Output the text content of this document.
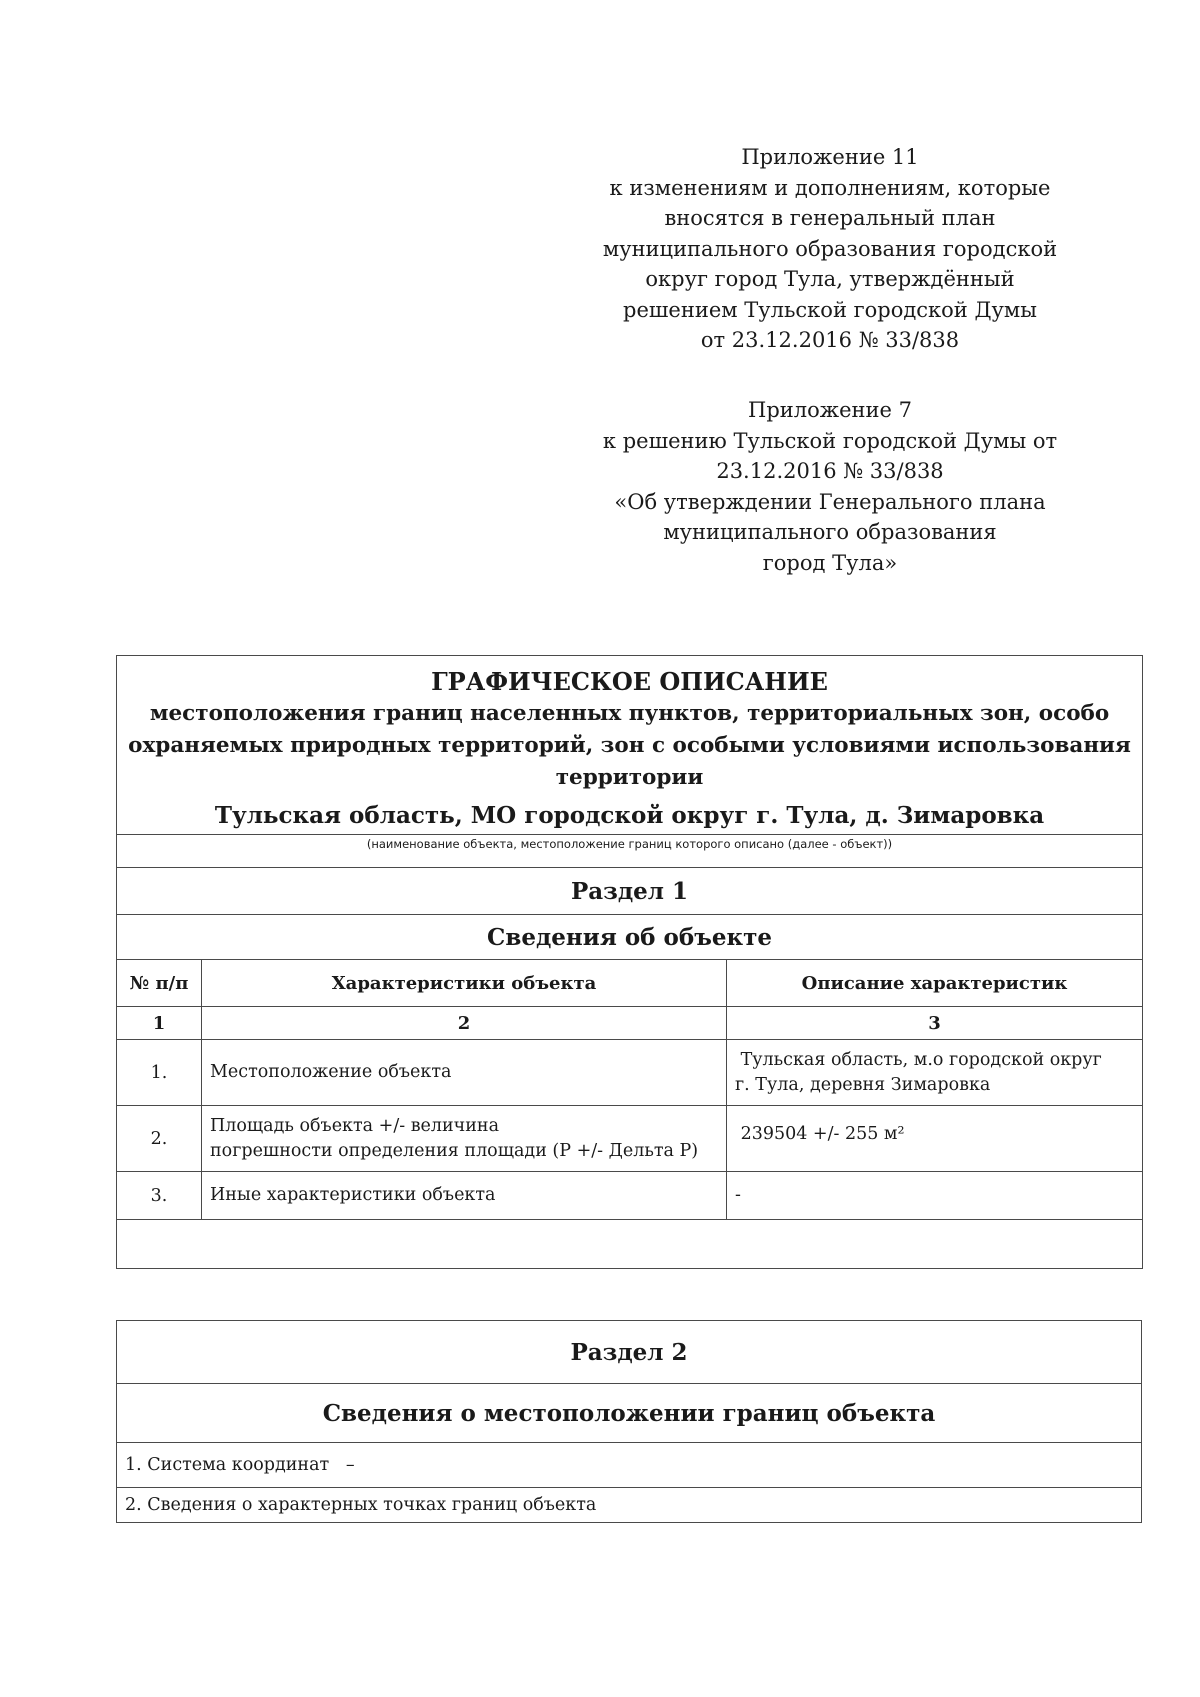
Приложение 11
к изменениям и дополнениям, которые
вносятся в генеральный план
муниципального образования городской
округ город Тула, утверждённый
решением Тульской городской Думы
от 23.12.2016 № 33/838
Приложение 7
к решению Тульской городской Думы от
23.12.2016 № 33/838
«Об утверждении Генерального плана
муниципального образования
город Тула»
ГРАФИЧЕСКОЕ ОПИСАНИЕ
местоположения границ населенных пунктов, территориальных зон, особо
охраняемых природных территорий, зон с особыми условиями использования
территории
Тульская область, МО городской округ г. Тула, д. Зимаровка		

(наименование объекта, местоположение границ которого описано (далее - объект))		
Раздел 1		
Сведения об объекте		
№ п/п	Характеристики объекта	Описание характеристик
1	2	3
1.	Местоположение объекта	Тульская область, м.о городской округ
г. Тула, деревня Зимаровка

2.	Площадь объекта +/- величина
погрешности определения площади (Р +/- Дельта Р)	239504 +/- 255 м²

3.	Иные характеристики объекта	-

Раздел 2
Сведения о местоположении границ объекта
1. Система координат   –
2. Сведения о характерных точках границ объекта
